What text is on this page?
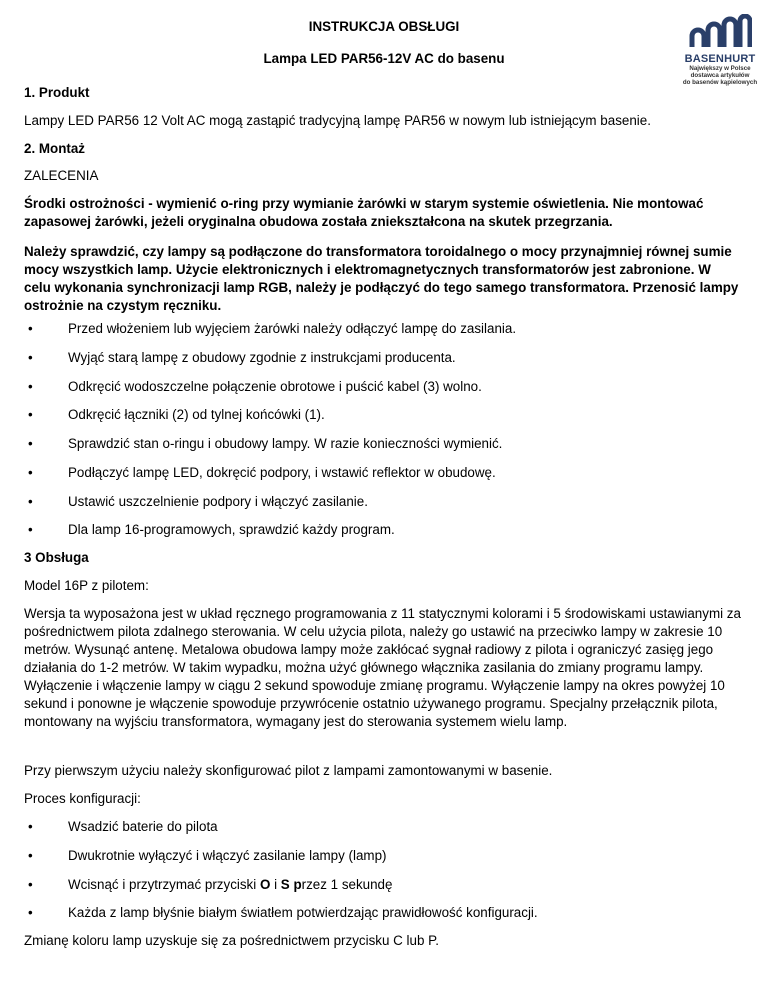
INSTRUKCJA OBSŁUGI
Lampa LED PAR56-12V AC do basenu	BASENHURT
Największy w Polsce
dostawca artykułów
do basenów kąpielowych
1. Produkt
Lampy LED PAR56 12 Volt AC mogą zastąpić tradycyjną lampę PAR56 w nowym lub istniejącym basenie.
2. Montaż
ZALECENIA
Środki ostrożności - wymienić o-ring przy wymianie żarówki w starym systemie oświetlenia. Nie montować zapasowej żarówki, jeżeli oryginalna obudowa została zniekształcona na skutek przegrzania.
Należy sprawdzić, czy lampy są podłączone do transformatora toroidalnego o mocy przynajmniej równej sumie mocy wszystkich lamp. Użycie elektronicznych i elektromagnetycznych transformatorów jest zabronione. W celu wykonania synchronizacji lamp RGB, należy je podłączyć do tego samego transformatora. Przenosić lampy ostrożnie na czystym ręczniku.
•	Przed włożeniem lub wyjęciem żarówki należy odłączyć lampę do zasilania.
•	Wyjąć starą lampę z obudowy zgodnie z instrukcjami producenta.
•	Odkręcić wodoszczelne połączenie obrotowe i puścić kabel (3) wolno.
•	Odkręcić łączniki (2) od tylnej końcówki (1).
•	Sprawdzić stan o-ringu i obudowy lampy. W razie konieczności wymienić.
•	Podłączyć lampę LED, dokręcić podpory, i wstawić reflektor w obudowę.
•	Ustawić uszczelnienie podpory i włączyć zasilanie.
•	Dla lamp 16-programowych, sprawdzić każdy program.
3 Obsługa
Model 16P z pilotem:
Wersja ta wyposażona jest w układ ręcznego programowania z 11 statycznymi kolorami i 5 środowiskami ustawianymi za pośrednictwem pilota zdalnego sterowania. W celu użycia pilota, należy go ustawić na przeciwko lampy w zakresie 10 metrów. Wysunąć antenę. Metalowa obudowa lampy może zakłócać sygnał radiowy z pilota i ograniczyć zasięg jego działania do 1-2 metrów. W takim wypadku, można użyć głównego włącznika zasilania do zmiany programu lampy. Wyłączenie i włączenie lampy w ciągu 2 sekund spowoduje zmianę programu. Wyłączenie lampy na okres powyżej 10 sekund i ponowne je włączenie spowoduje przywrócenie ostatnio używanego programu. Specjalny przełącznik pilota, montowany na wyjściu transformatora, wymagany jest do sterowania systemem wielu lamp.
Przy pierwszym użyciu należy skonfigurować pilot z lampami zamontowanymi w basenie.
Proces konfiguracji:
•	Wsadzić baterie do pilota
•	Dwukrotnie wyłączyć i włączyć zasilanie lampy (lamp)
•	Wcisnąć i przytrzymać przyciski O i S przez 1 sekundę
•	Każda z lamp błyśnie białym światłem potwierdzając prawidłowość konfiguracji.
Zmianę koloru lamp uzyskuje się za pośrednictwem przycisku C lub P.
